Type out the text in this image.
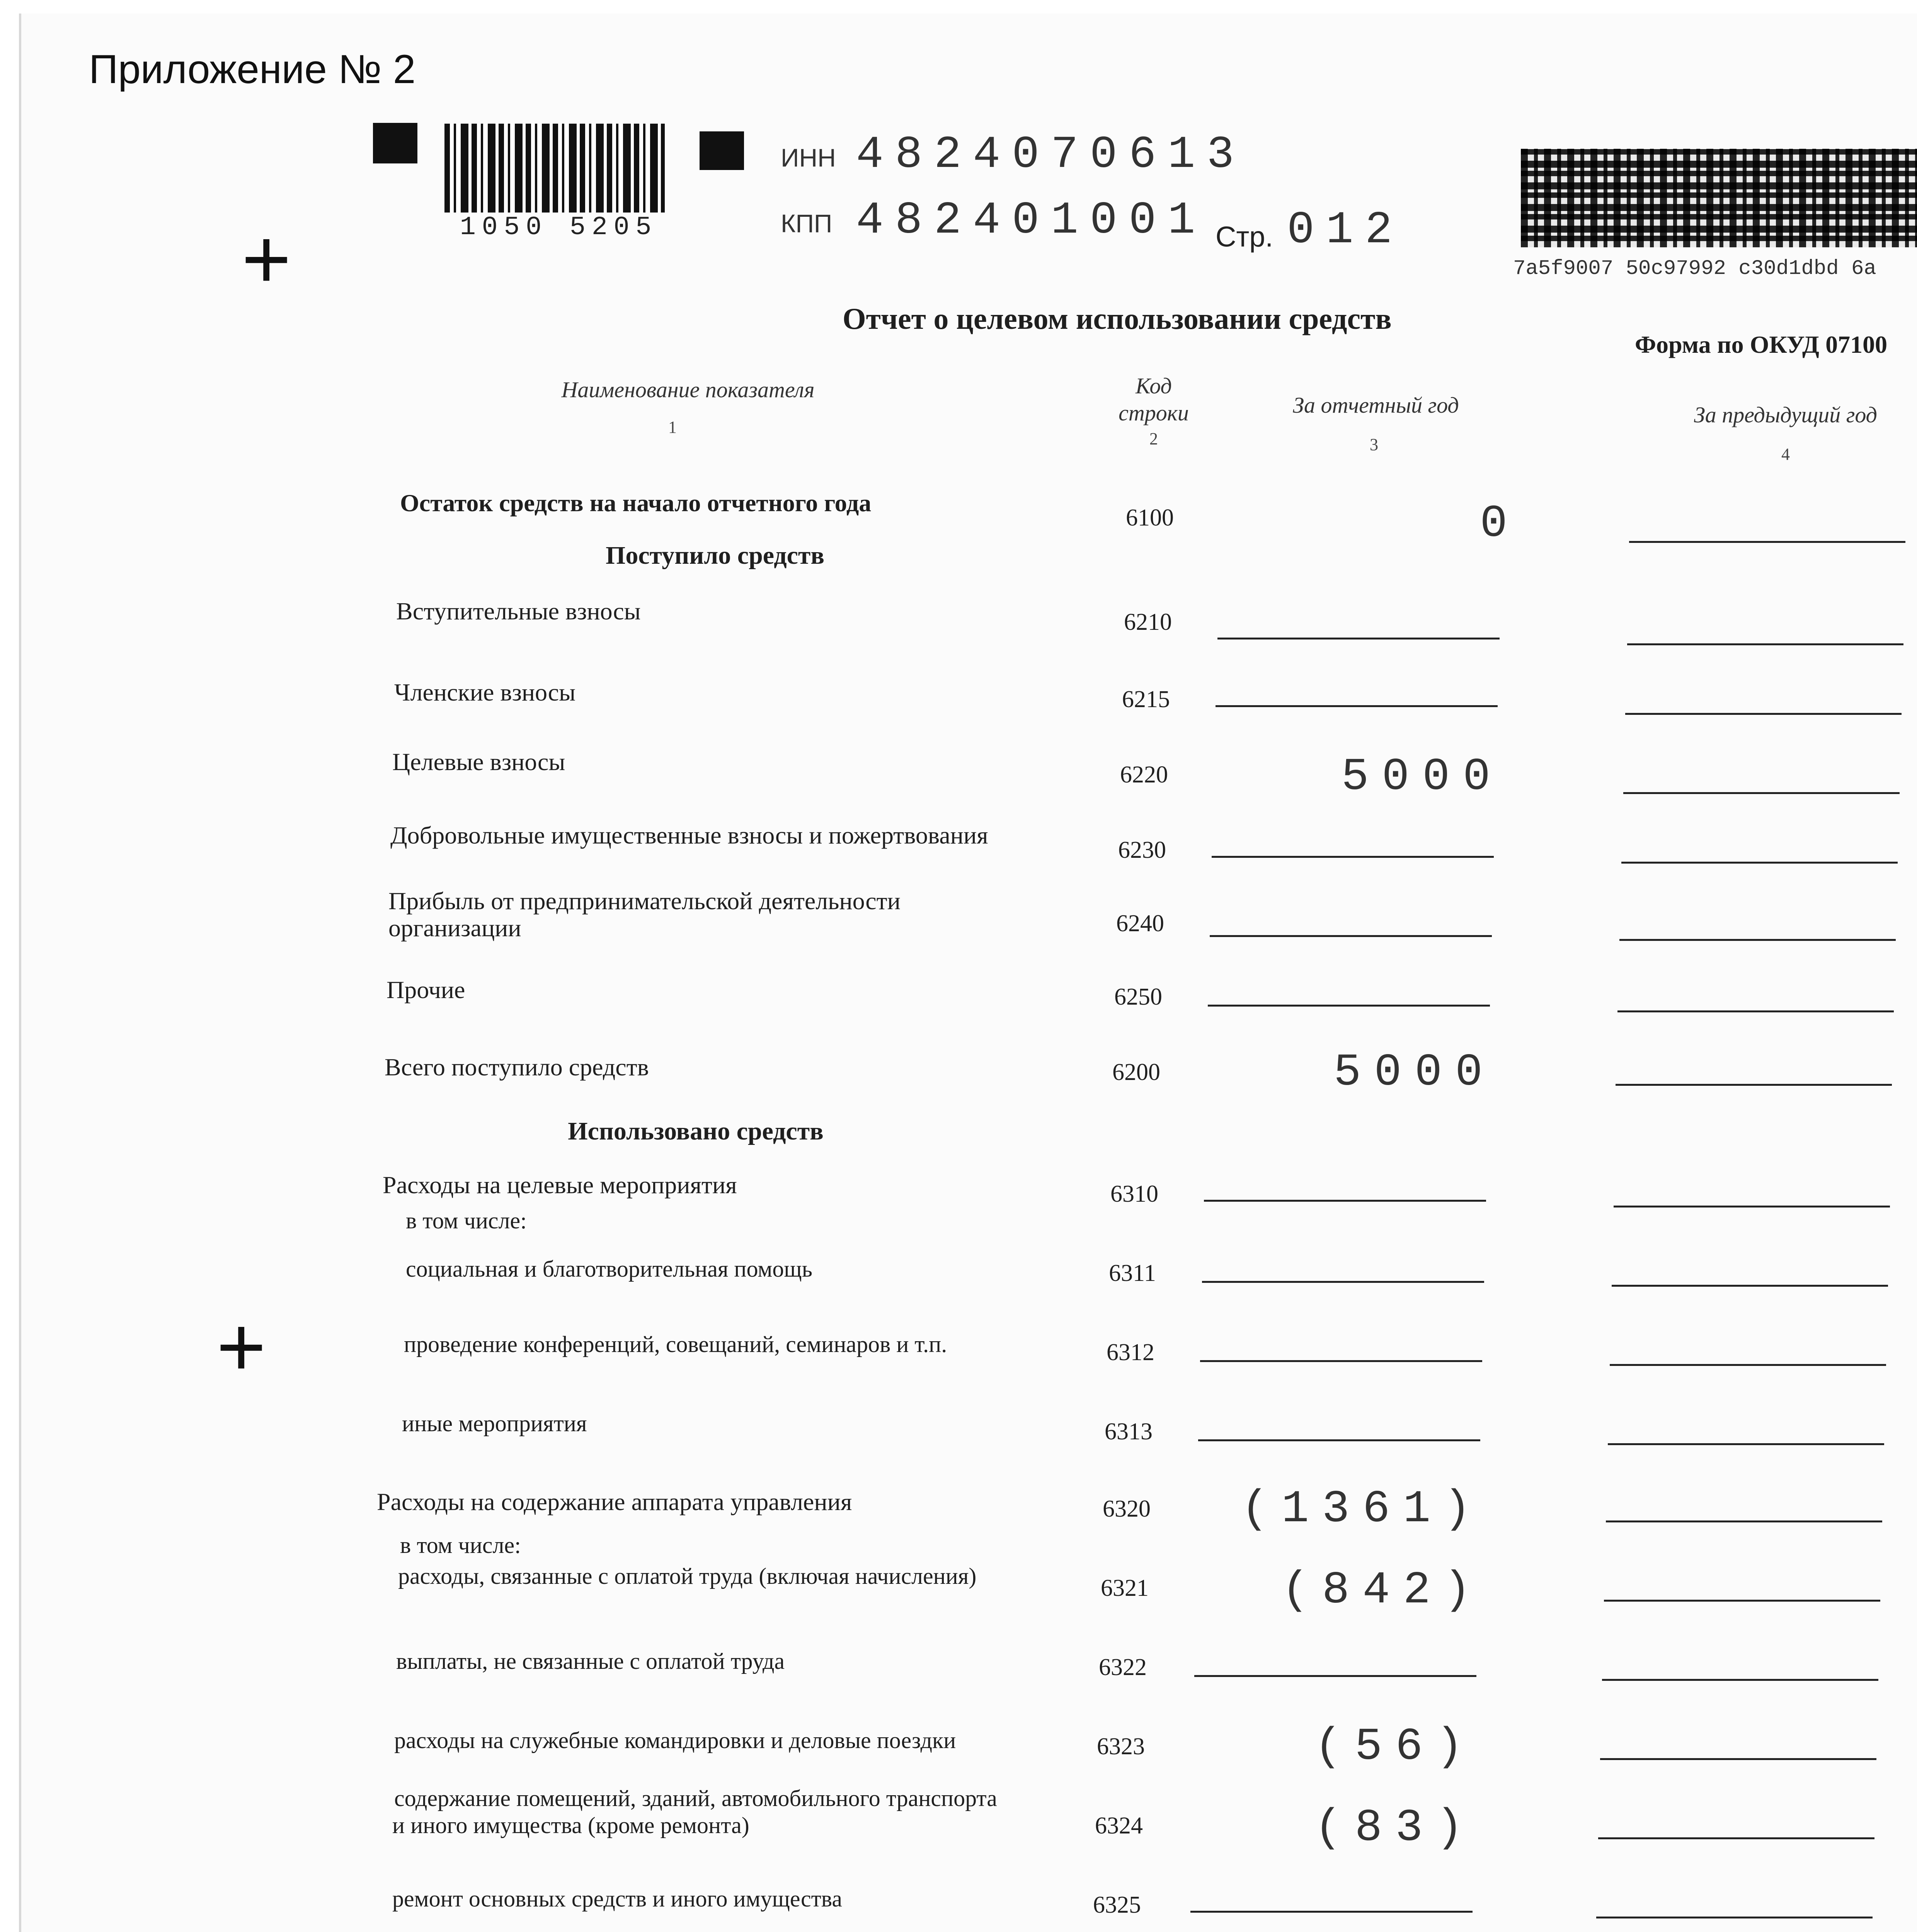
Приложение № 2
1050 5205
ИНН 4824070613
КПП 482401001 Стр. 012
7a5f9007 50c97992 c30d1dbd 6a
+
+
Отчет о целевом использовании средств
Форма по ОКУД 07100
Наименование показателя
1
Код
строки
2
За отчетный год
3
За предыдущий год
4
Поступило средств
Использовано средств
Остаток средств на начало отчетного года
Вступительные взносы
Членские взносы
Целевые взносы
Добровольные имущественные взносы и пожертвования
Прибыль от предпринимательской деятельности
организации
Прочие
Всего поступило средств
Расходы на целевые мероприятия
в том числе:
социальная и благотворительная помощь
проведение конференций, совещаний, семинаров и т.п.
иные мероприятия
Расходы на содержание аппарата управления
в том числе:
расходы, связанные с оплатой труда (включая начисления)
выплаты, не связанные с оплатой труда
расходы на служебные командировки и деловые поездки
содержание помещений, зданий, автомобильного транспорта
и иного имущества (кроме ремонта)
ремонт основных средств и иного имущества
6100
6210
6215
6220
6230
6240
6250
6200
6310
6311
6312
6313
6320
6321
6322
6323
6324
6325
0
5000
5000
(1361)
(842)
(56)
(83)
